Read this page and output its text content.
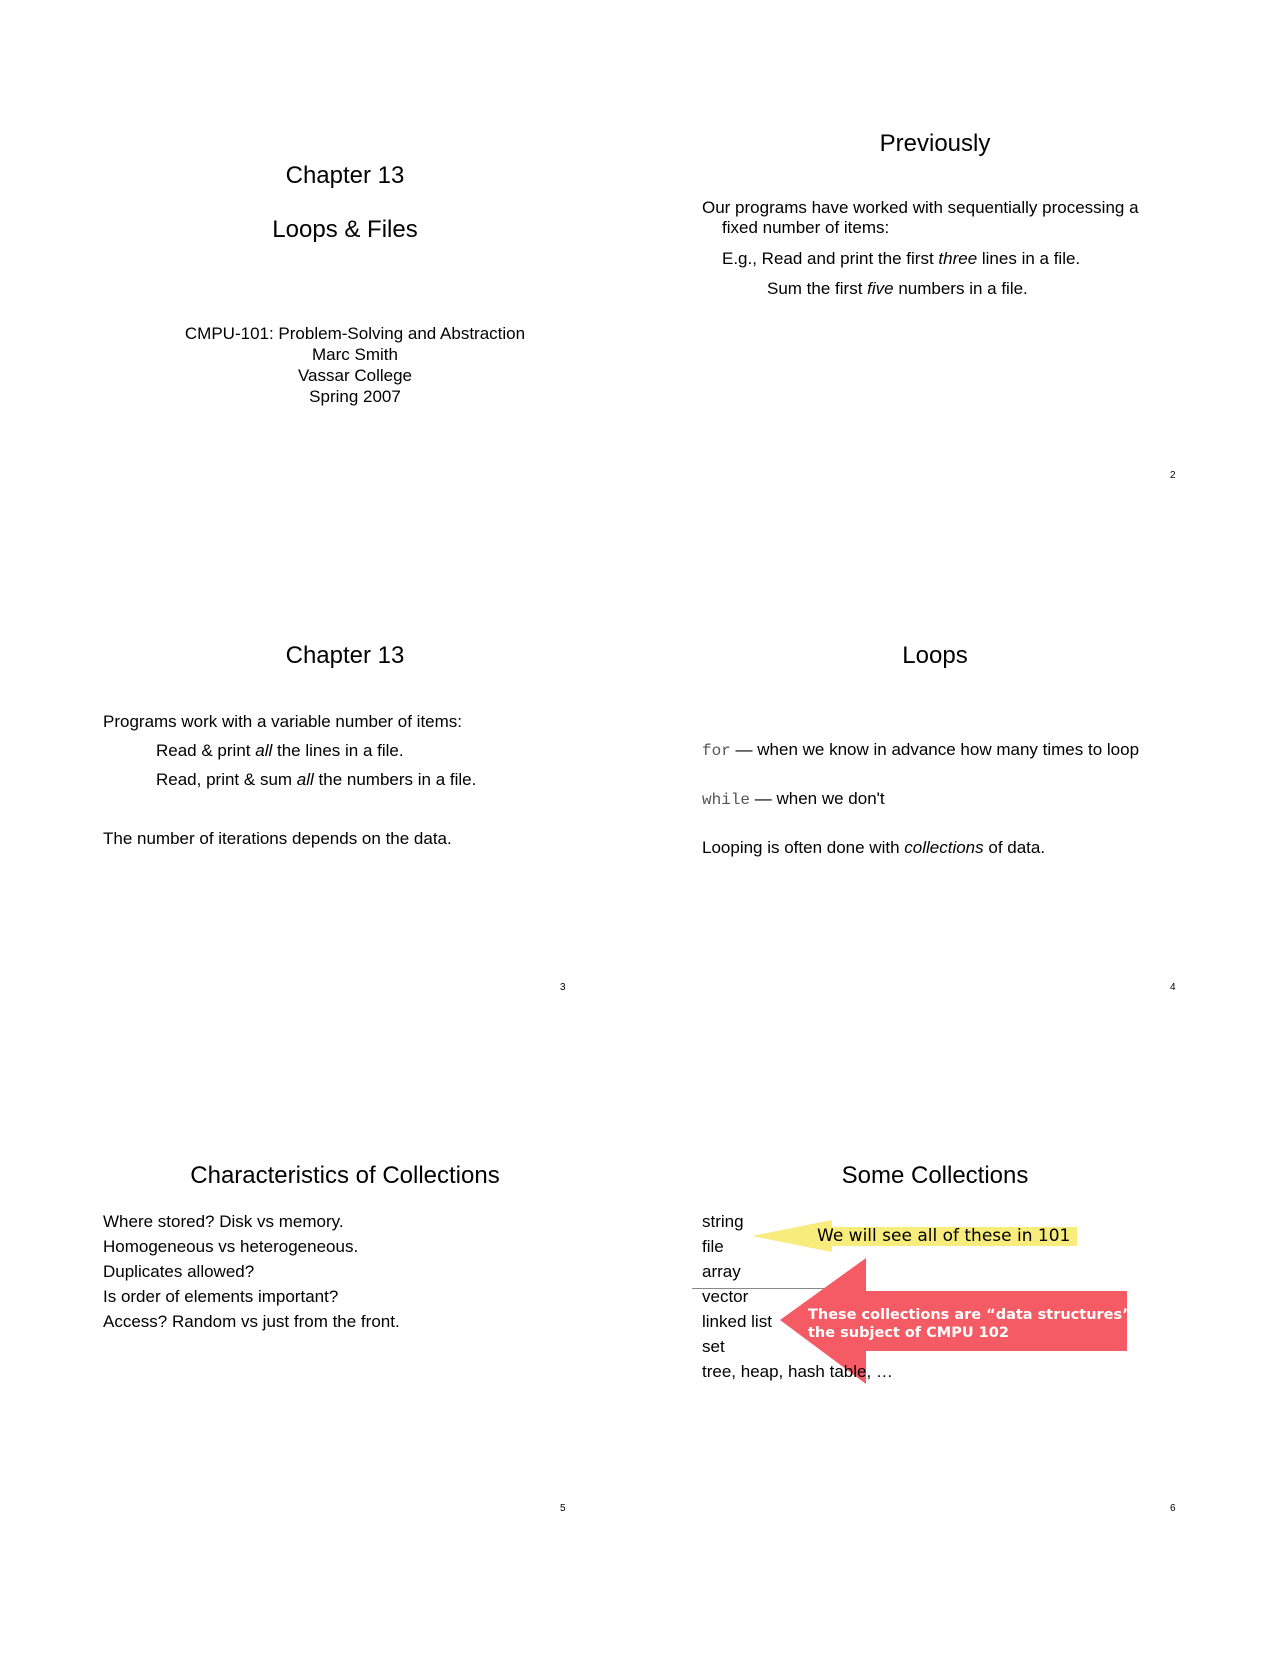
Chapter 13
Loops & Files
CMPU-101: Problem-Solving and Abstraction
Marc Smith
Vassar College
Spring 2007
Previously
Our programs have worked with sequentially processing a
fixed number of items:
E.g., Read and print the first three lines in a file.
Sum the first five numbers in a file.
2
Chapter 13
Programs work with a variable number of items:
Read & print all the lines in a file.
Read, print & sum all the numbers in a file.
The number of iterations depends on the data.
3
Loops
for — when we know in advance how many times to loop
while — when we don't
Looping is often done with collections of data.
4
Characteristics of Collections
Where stored? Disk vs memory.
Homogeneous vs heterogeneous.
Duplicates allowed?
Is order of elements important?
Access? Random vs just from the front.
5
Some Collections
string
file
array
vector
linked list
set
We will see all of these in 101
tree, heap, hash table, …
These collections are “data structures”,
the subject of CMPU 102
6
